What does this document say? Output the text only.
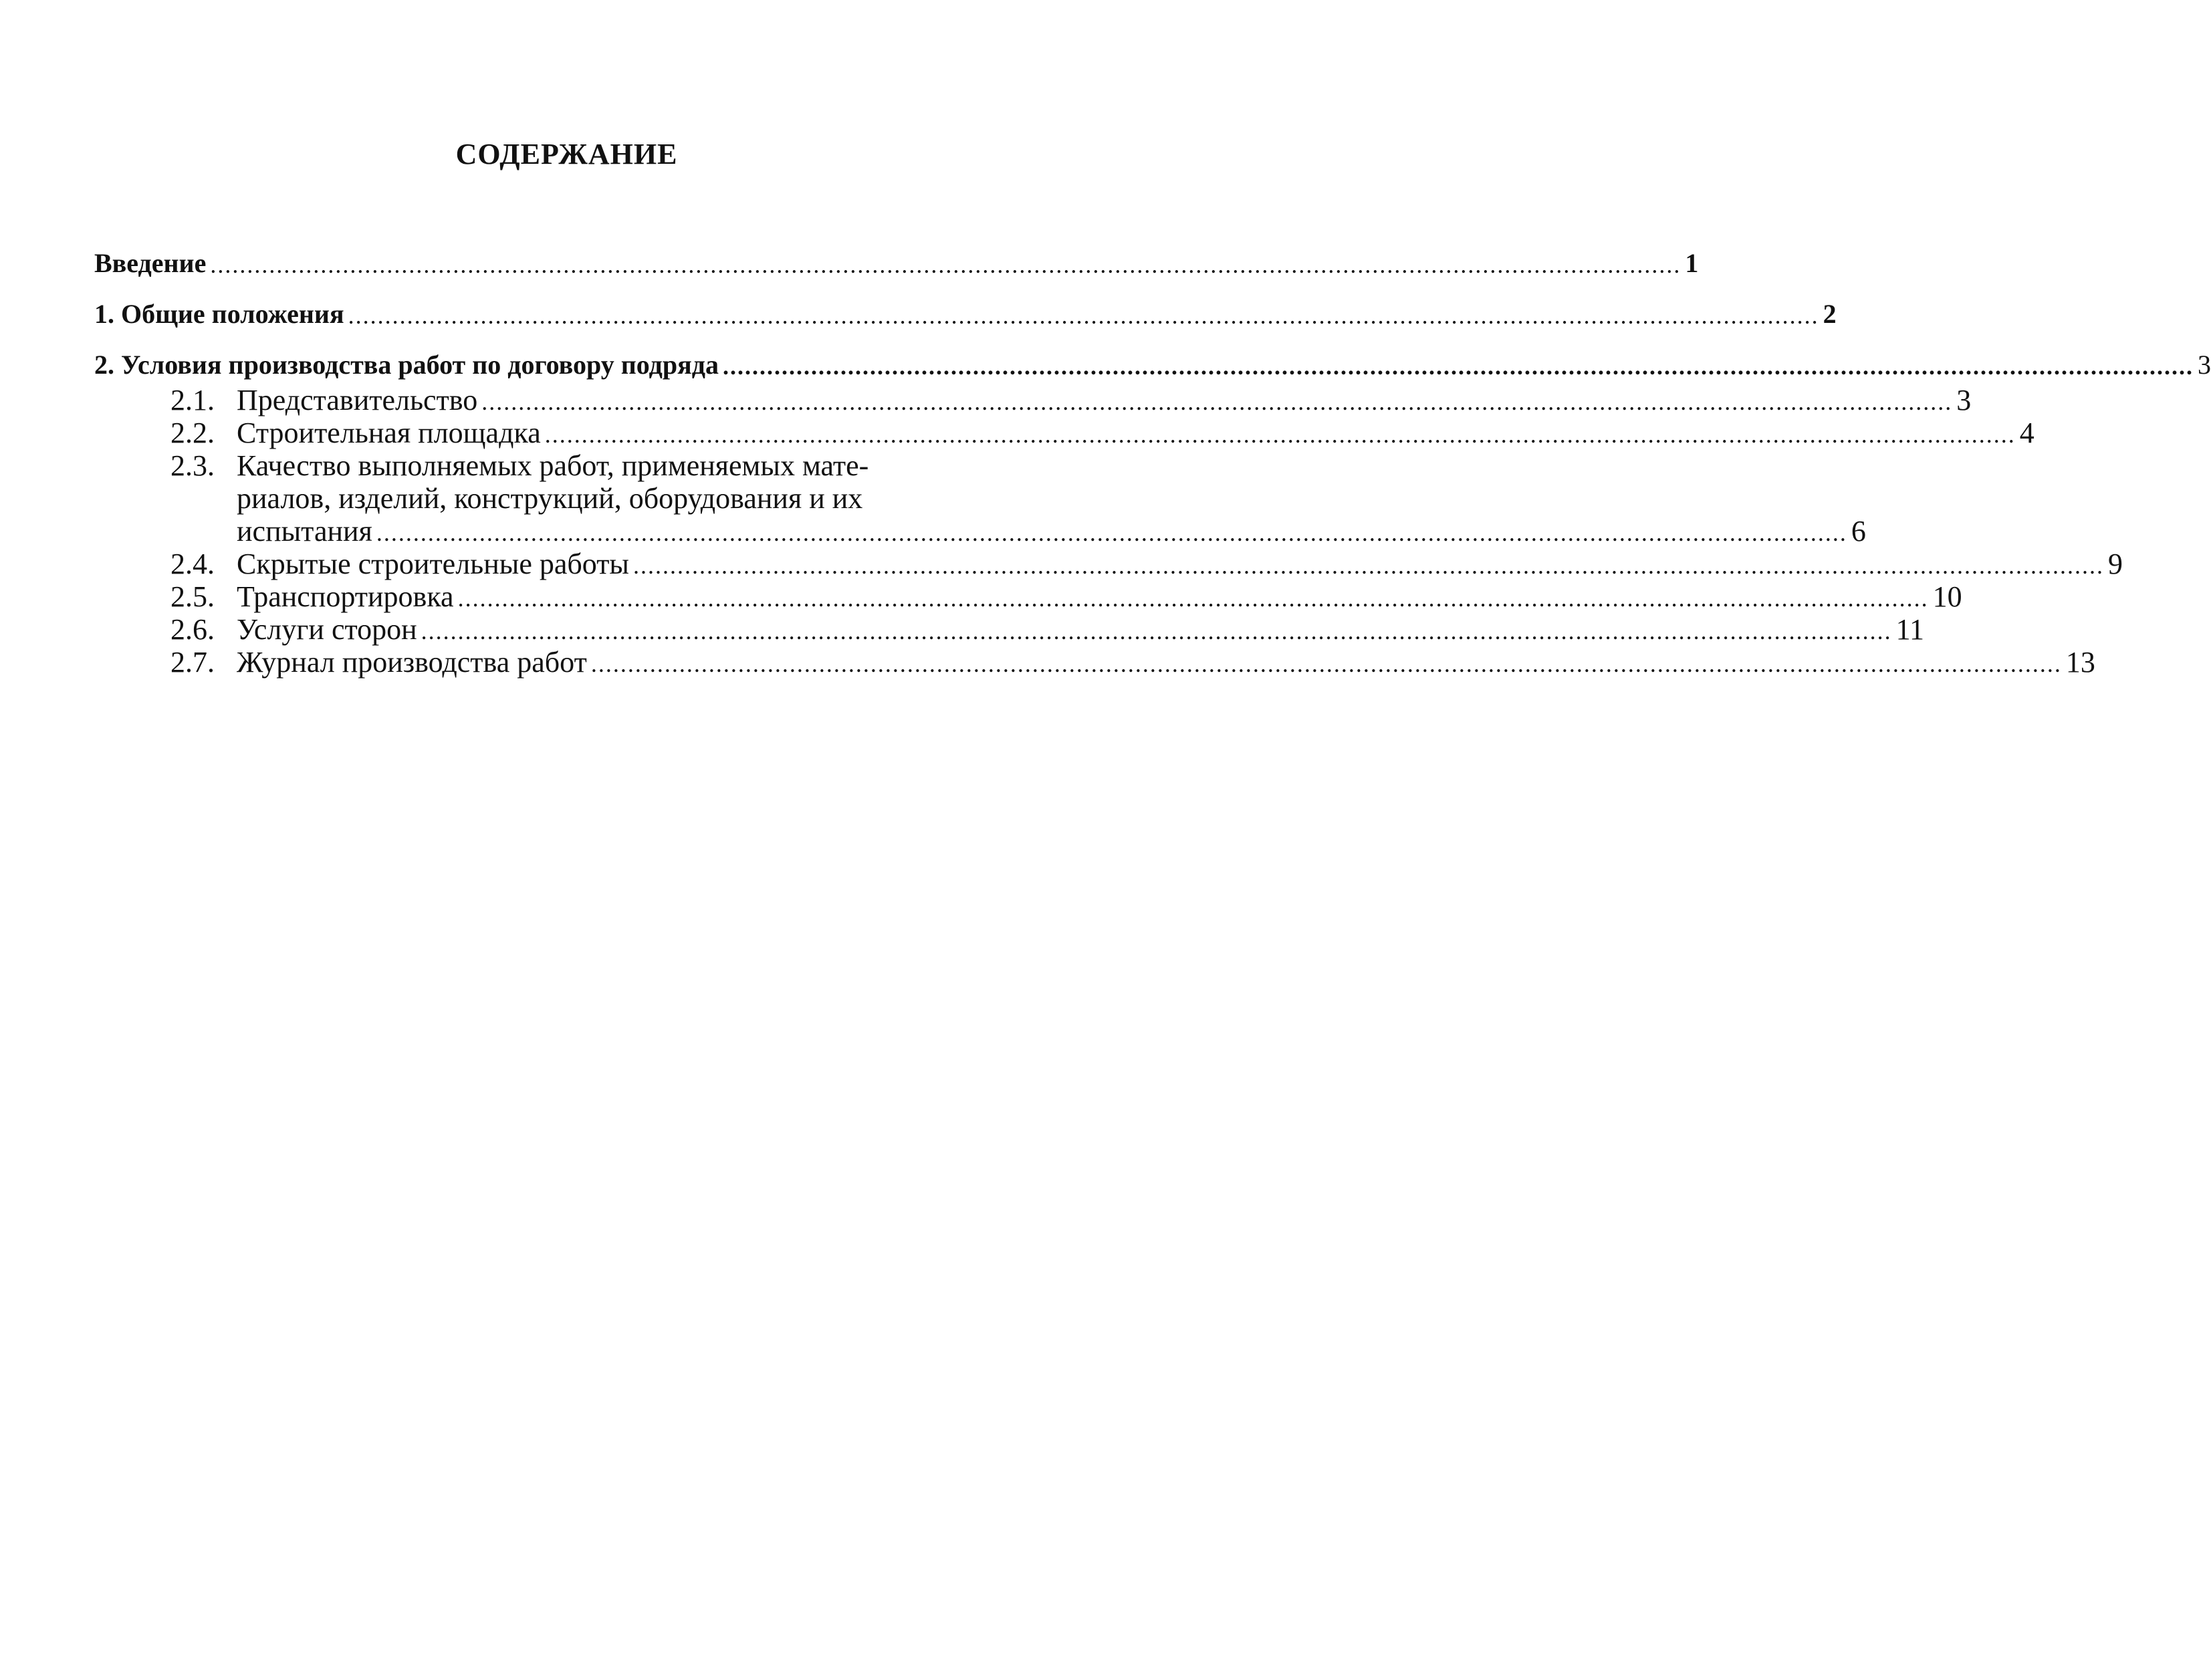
СОДЕРЖАНИЕ
Введение ........................................................................................................................................................................................................ 1
1. Общие положения ........................................................................................................................................................................................................ 2
2. Условия производства работ по договору подряда ........................................................................................................................................................................................................ 3
2.1. Представительство ........................................................................................................................................................................................................ 3
2.2. Строительная площадка ........................................................................................................................................................................................................ 4
2.3. Качество выполняемых работ, применяемых мате-
риалов, изделий, конструкций, оборудования и их
испытания ........................................................................................................................................................................................................ 6
2.4. Скрытые строительные работы ........................................................................................................................................................................................................ 9
2.5. Транспортировка ........................................................................................................................................................................................................ 10
2.6. Услуги сторон ........................................................................................................................................................................................................ 11
2.7. Журнал производства работ ........................................................................................................................................................................................................ 13
